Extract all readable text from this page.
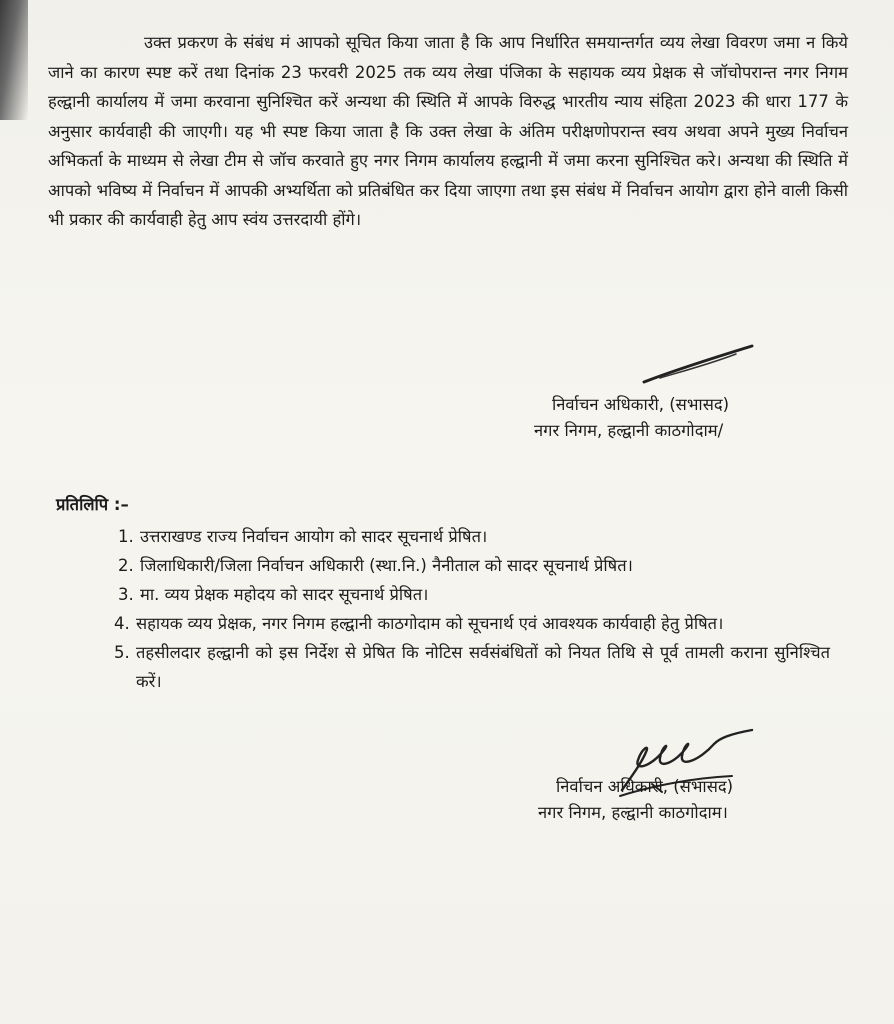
उक्त प्रकरण के संबंध मं आपको सूचित किया जाता है कि आप निर्धारित समयान्तर्गत व्यय लेखा विवरण जमा न किये जाने का कारण स्पष्ट करें तथा दिनांक 23 फरवरी 2025 तक व्यय लेखा पंजिका के सहायक व्यय प्रेक्षक से जॉचोपरान्त नगर निगम हल्द्वानी कार्यालय में जमा करवाना सुनिश्चित करें अन्यथा की स्थिति में आपके विरुद्ध भारतीय न्याय संहिता 2023 की धारा 177 के अनुसार कार्यवाही की जाएगी। यह भी स्पष्ट किया जाता है कि उक्त लेखा के अंतिम परीक्षणोपरान्त स्वय अथवा अपने मुख्य निर्वाचन अभिकर्ता के माध्यम से लेखा टीम से जॉच करवाते हुए नगर निगम कार्यालय हल्द्वानी में जमा करना सुनिश्चित करे। अन्यथा की स्थिति में आपको भविष्य में निर्वाचन में आपकी अभ्यर्थिता को प्रतिबंधित कर दिया जाएगा तथा इस संबंध में निर्वाचन आयोग द्वारा होने वाली किसी भी प्रकार की कार्यवाही हेतु आप स्वंय उत्तरदायी होंगे।

निर्वाचन अधिकारी, (सभासद)
नगर निगम, हल्द्वानी काठगोदाम/
प्रतिलिपि :–
1. उत्तराखण्ड राज्य निर्वाचन आयोग को सादर सूचनार्थ प्रेषित।
2. जिलाधिकारी/जिला निर्वाचन अधिकारी (स्था.नि.) नैनीताल को सादर सूचनार्थ प्रेषित।
3. मा. व्यय प्रेक्षक महोदय को सादर सूचनार्थ प्रेषित।
4. सहायक व्यय प्रेक्षक, नगर निगम हल्द्वानी काठगोदाम को सूचनार्थ एवं आवश्यक कार्यवाही हेतु प्रेषित।
5. तहसीलदार हल्द्वानी को इस निर्देश से प्रेषित कि नोटिस सर्वसंबंधितों को नियत तिथि से पूर्व तामली कराना सुनिश्चित करें।
निर्वाचन अधिकारी, (सभासद)
नगर निगम, हल्द्वानी काठगोदाम।
